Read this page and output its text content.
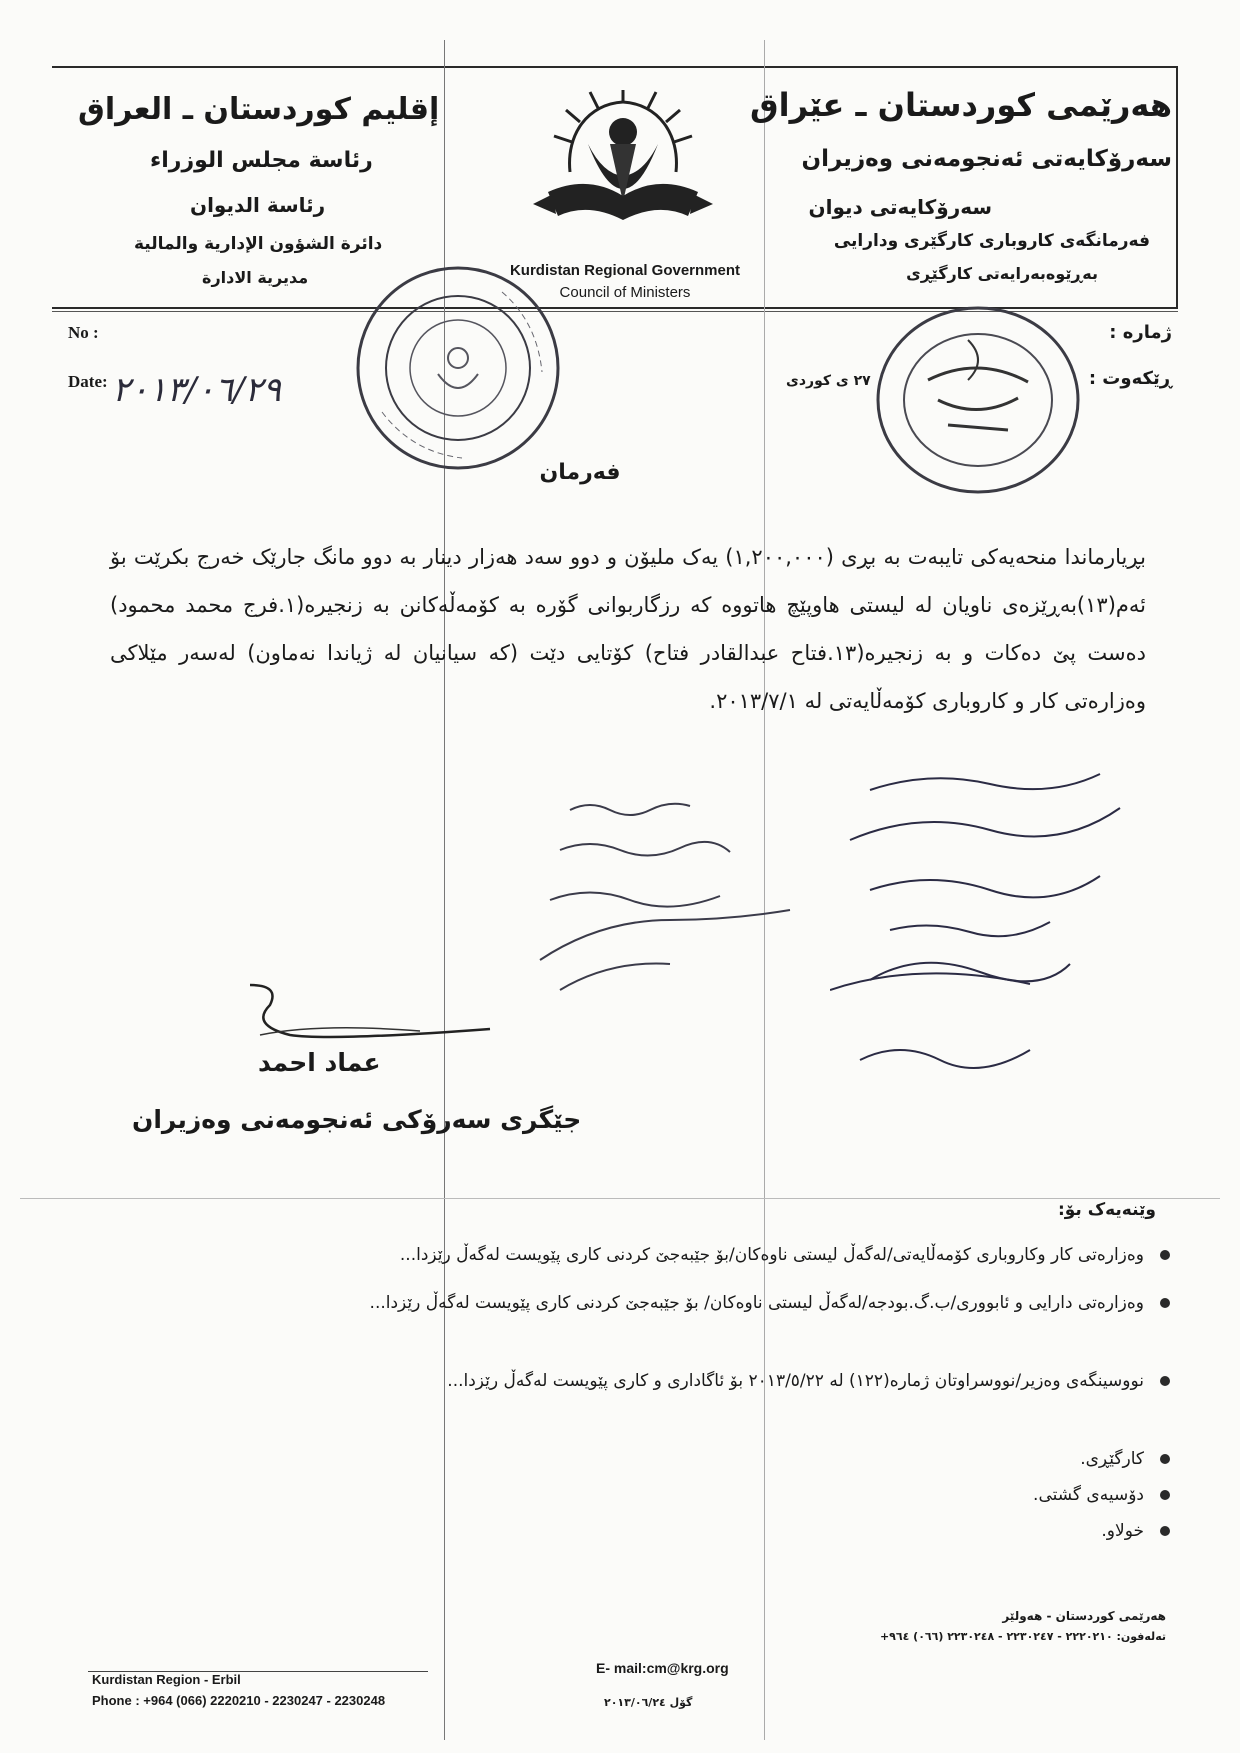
هەرێمی کوردستان ـ عێراق
سەرۆکایەتی ئەنجومەنی وەزیران
سەرۆکایەتی دیوان
فەرمانگەی کاروباری کارگێری ودارایی
بەڕێوەبەرایەتی کارگێڕی
إقليم كوردستان ـ العراق
رئاسة مجلس الوزراء
رئاسة الديوان
دائرة الشؤون الإدارية والمالية
مديرية الادارة	Kurdistan Regional Government
Council of Ministers
No :
Date: ٢٠١٣/٠٦/٢٩
ژمارە :
ڕێکەوت :
٢٧ ی کوردی
فەرمان
بڕیارماندا منحەیەکی تایبەت بە بڕی (١,٢٠٠,٠٠٠) یەک ملیۆن و دوو سەد هەزار دینار بە دوو مانگ جارێک خەرج بکرێت بۆ ئەم(١٣)بەڕێزەی ناویان لە لیستی هاوپێچ هاتووە کە رزگاربوانی گۆرە بە کۆمەڵەکانن بە زنجیرە(١.فرج محمد محمود) دەست پێ دەکات و بە زنجیرە(١٣.فتاح عبدالقادر فتاح) کۆتایی دێت (کە سیانیان لە ژیاندا نەماون) لەسەر مێلاکی وەزارەتی کار و کاروباری کۆمەڵایەتی لە ٢٠١٣/٧/١.
عماد احمد
جێگری سەرۆکی ئەنجومەنی وەزیران
وێنەیەک بۆ:
وەزارەتی کار وکاروباری کۆمەڵایەتی/لەگەڵ لیستی ناوەکان/بۆ جێبەجێ کردنی کاری پێویست لەگەڵ رێزدا...
وەزارەتی دارایی و ئابووری/ب.گ.بودجە/لەگەڵ لیستی ناوەکان/ بۆ جێبەجێ کردنی کاری پێویست لەگەڵ رێزدا...
نووسینگەی وەزیر/نووسراوتان ژمارە(١٢٢) لە ٢٠١٣/٥/٢٢ بۆ ئاگاداری و کاری پێویست لەگەڵ رێزدا...
کارگێڕی.
دۆسیەی گشتی.
خولاو.
Kurdistan Region - Erbil
Phone : +964 (066) 2220210 - 2230247 - 2230248
E- mail:cm@krg.org
گۆل ٢٠١٣/٠٦/٢٤
هەرێمی کوردستان - هەولێر
تەلەفون: ٢٢٢٠٢١٠ - ٢٢٣٠٢٤٧ - ٢٢٣٠٢٤٨ (٠٦٦) ٩٦٤+
